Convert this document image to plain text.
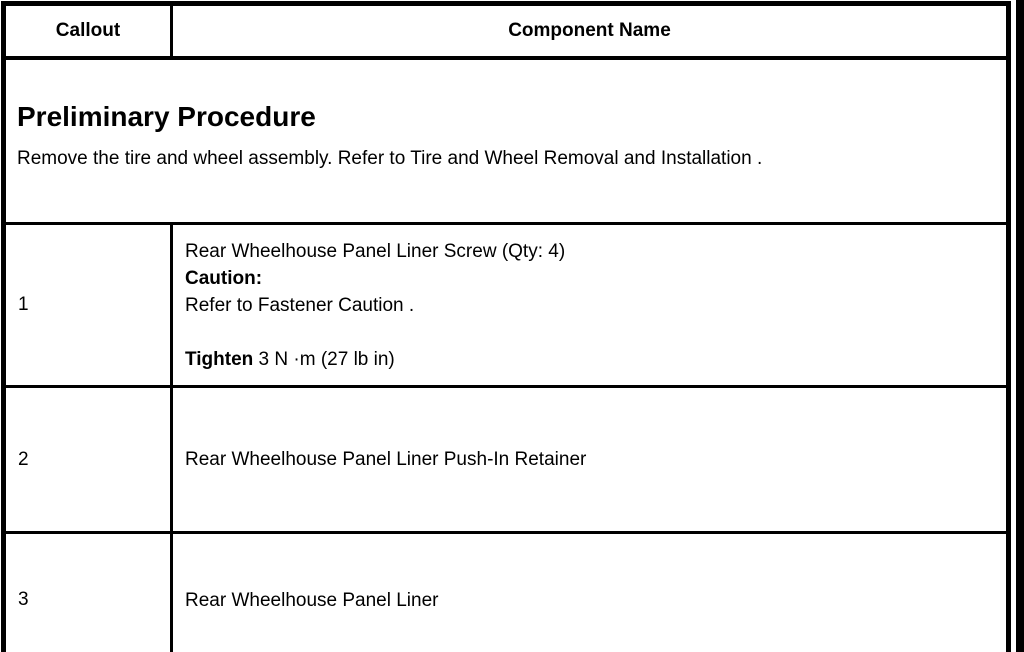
Callout	Component Name

Preliminary Procedure
Remove the tire and wheel assembly. Refer to Tire and Wheel Removal and Installation .	

1	Rear Wheelhouse Panel Liner Screw (Qty: 4)
Caution:
Refer to Fastener Caution .
Tighten 3 N ·m (27 lb in)

2	Rear Wheelhouse Panel Liner Push-In Retainer

3	Rear Wheelhouse Panel Liner
